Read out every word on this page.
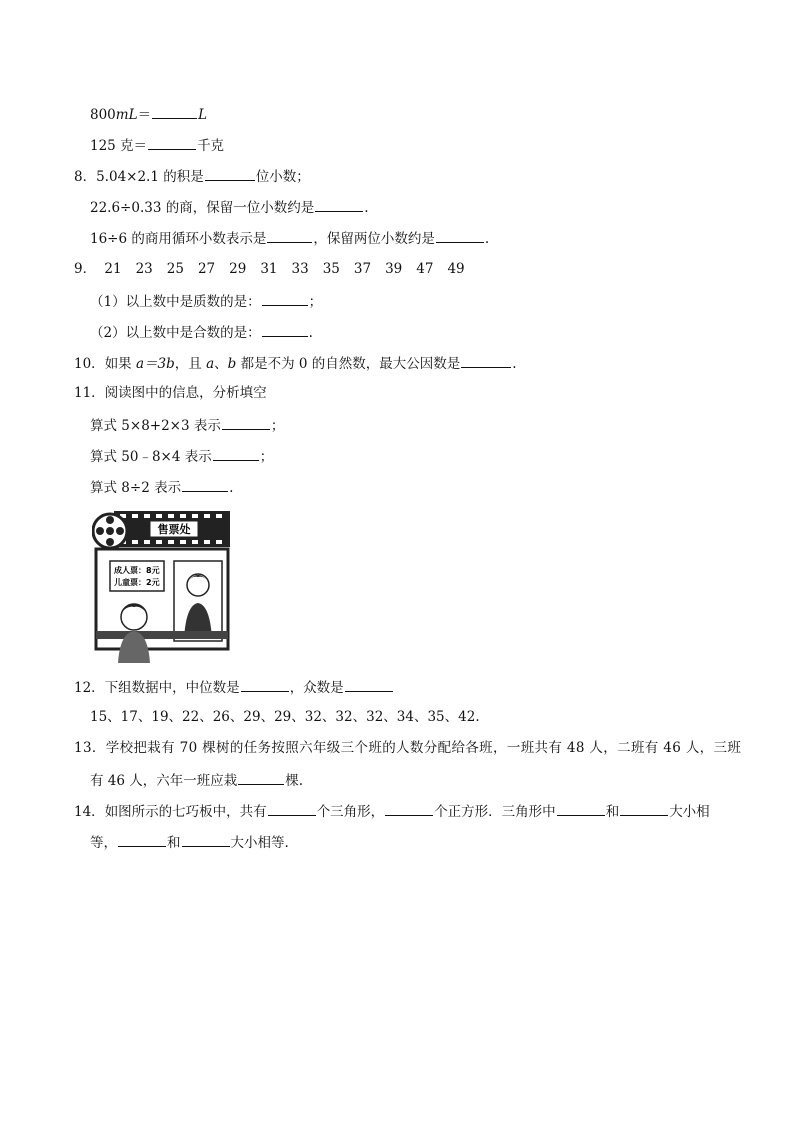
800mL＝	L
125 克＝	千克
8．5.04×2.1 的积是	位小数；
22.6÷0.33 的商，保留一位小数约是	.
16÷6 的商用循环小数表示是	，保留两位小数约是	.
9． 21 23 25 27 29 31 33 35 37 39 47 49
（1）以上数中是质数的是：	；
（2）以上数中是合数的是：	.
10．如果 a＝3b，且 a、b 都是不为 0 的自然数，最大公因数是	.
11．阅读图中的信息，分析填空
算式 5×8+2×3 表示	；
算式 50﹣8×4 表示	；
算式 8÷2 表示	.
售票处
成人票：8元
儿童票：2元
12．下组数据中，中位数是	，众数是
15、17、19、22、26、29、29、32、32、32、34、35、42.
13．学校把栽有 70 棵树的任务按照六年级三个班的人数分配给各班，一班共有 48 人，二班有 46 人，三班
有 46 人，六年一班应栽	棵.
14．如图所示的七巧板中，共有	个三角形，	个正方形．三角形中	和	大小相
等，	和	大小相等.
